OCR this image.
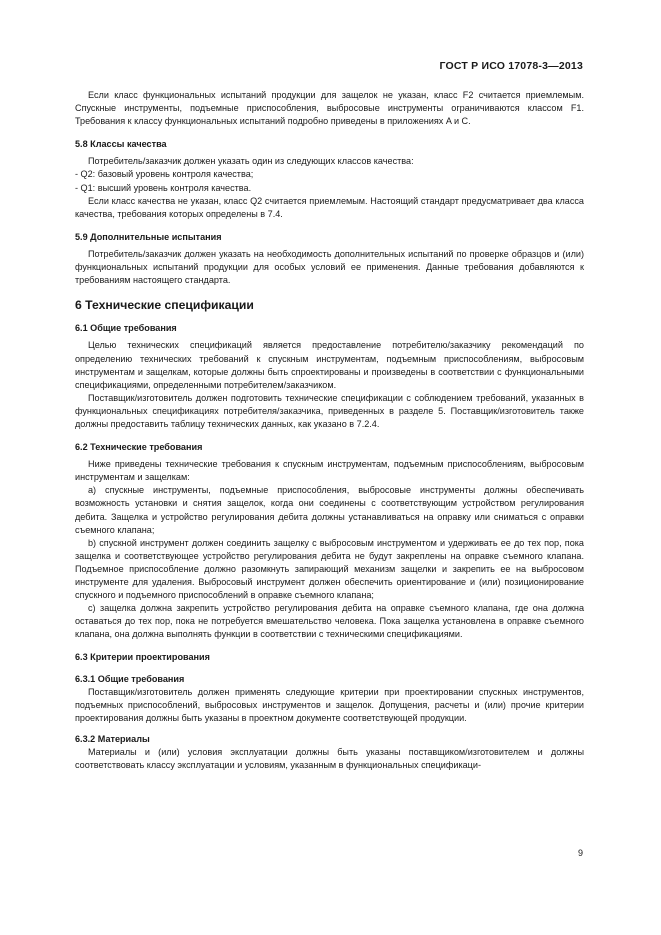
ГОСТ Р ИСО 17078-3—2013
Если класс функциональных испытаний продукции для защелок не указан, класс F2 считается приемлемым. Спускные инструменты, подъемные приспособления, выбросовые инструменты ограничиваются классом F1. Требования к классу функциональных испытаний подробно приведены в приложениях A и C.
5.8 Классы качества
Потребитель/заказчик должен указать один из следующих классов качества:
- Q2: базовый уровень контроля качества;
- Q1: высший уровень контроля качества.
Если класс качества не указан, класс Q2 считается приемлемым. Настоящий стандарт предусматривает два класса качества, требования которых определены в 7.4.
5.9 Дополнительные испытания
Потребитель/заказчик должен указать на необходимость дополнительных испытаний по проверке образцов и (или) функциональных испытаний продукции для особых условий ее применения. Данные требования добавляются к требованиям настоящего стандарта.
6 Технические спецификации
6.1 Общие требования
Целью технических спецификаций является предоставление потребителю/заказчику рекомендаций по определению технических требований к спускным инструментам, подъемным приспособлениям, выбросовым инструментам и защелкам, которые должны быть спроектированы и произведены в соответствии с функциональными спецификациями, определенными потребителем/заказчиком.
Поставщик/изготовитель должен подготовить технические спецификации с соблюдением требований, указанных в функциональных спецификациях потребителя/заказчика, приведенных в разделе 5. Поставщик/изготовитель также должны предоставить таблицу технических данных, как указано в 7.2.4.
6.2 Технические требования
Ниже приведены технические требования к спускным инструментам, подъемным приспособлениям, выбросовым инструментам и защелкам:
a) спускные инструменты, подъемные приспособления, выбросовые инструменты должны обеспечивать возможность установки и снятия защелок, когда они соединены с соответствующим устройством регулирования дебита. Защелка и устройство регулирования дебита должны устанавливаться на оправку или сниматься с оправки съемного клапана;
b) спускной инструмент должен соединить защелку с выбросовым инструментом и удерживать ее до тех пор, пока защелка и соответствующее устройство регулирования дебита не будут закреплены на оправке съемного клапана. Подъемное приспособление должно разомкнуть запирающий механизм защелки и закрепить ее на выбросовом инструменте для удаления. Выбросовый инструмент должен обеспечить ориентирование и (или) позиционирование спускного и подъемного приспособлений в оправке съемного клапана;
c) защелка должна закрепить устройство регулирования дебита на оправке съемного клапана, где она должна оставаться до тех пор, пока не потребуется вмешательство человека. Пока защелка установлена в оправке съемного клапана, она должна выполнять функции в соответствии с техническими спецификациями.
6.3 Критерии проектирования
6.3.1 Общие требования
Поставщик/изготовитель должен применять следующие критерии при проектировании спускных инструментов, подъемных приспособлений, выбросовых инструментов и защелок. Допущения, расчеты и (или) прочие критерии проектирования должны быть указаны в проектном документе соответствующей продукции.
6.3.2 Материалы
Материалы и (или) условия эксплуатации должны быть указаны поставщиком/изготовителем и должны соответствовать классу эксплуатации и условиям, указанным в функциональных спецификаци-
9
